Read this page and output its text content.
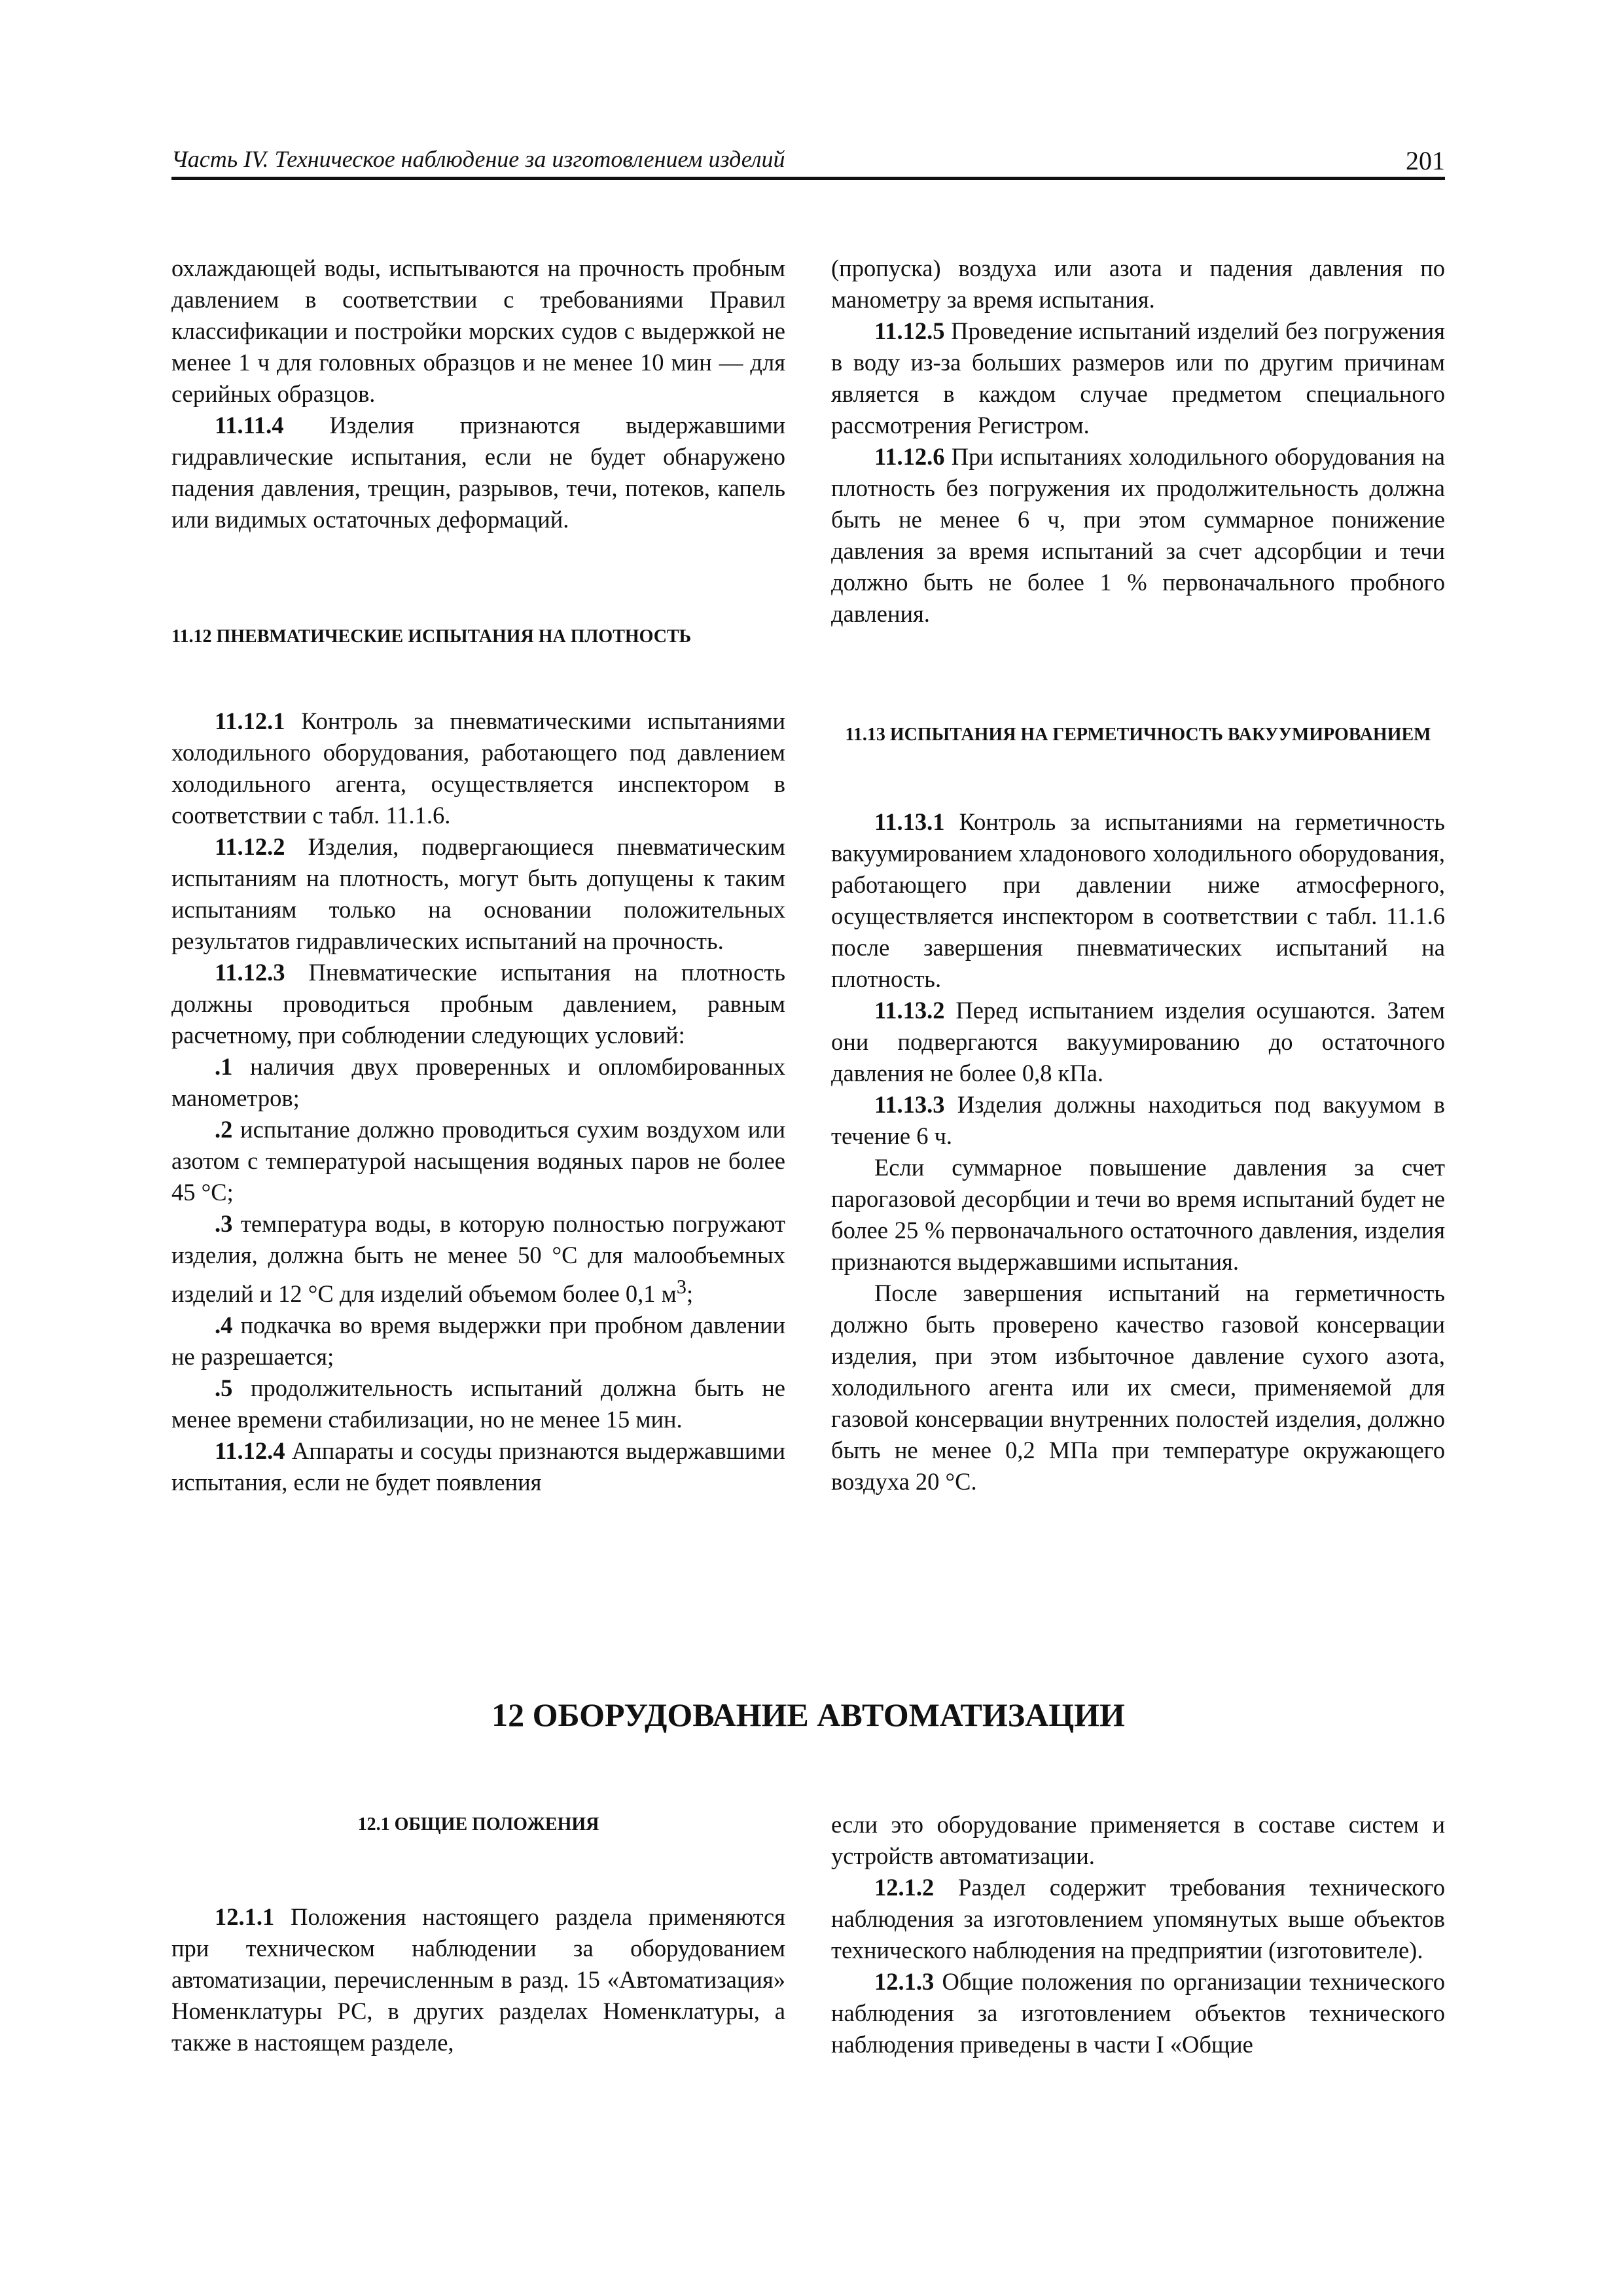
Часть IV. Техническое наблюдение за изготовлением изделий	201

охлаждающей воды, испытываются на прочность пробным давлением в соответствии с требованиями Правил классификации и постройки морских судов с выдержкой не менее 1 ч для головных образцов и не менее 10 мин — для серийных образцов.

11.11.4 Изделия признаются выдержавшими гидравлические испытания, если не будет обнаружено падения давления, трещин, разрывов, течи, потеков, капель или видимых остаточных деформаций.

11.12 ПНЕВМАТИЧЕСКИЕ ИСПЫТАНИЯ НА ПЛОТНОСТЬ

11.12.1 Контроль за пневматическими испытаниями холодильного оборудования, работающего под давлением холодильного агента, осуществляется инспектором в соответствии с табл. 11.1.6.

11.12.2 Изделия, подвергающиеся пневматическим испытаниям на плотность, могут быть допущены к таким испытаниям только на основании положительных результатов гидравлических испытаний на прочность.

11.12.3 Пневматические испытания на плотность должны проводиться пробным давлением, равным расчетному, при соблюдении следующих условий:

.1 наличия двух проверенных и опломбированных манометров;

.2 испытание должно проводиться сухим воздухом или азотом с температурой насыщения водяных паров не более 45 °С;

.3 температура воды, в которую полностью погружают изделия, должна быть не менее 50 °С для малообъемных изделий и 12 °С для изделий объемом более 0,1 $м^3$;

.4 подкачка во время выдержки при пробном давлении не разрешается;

.5 продолжительность испытаний должна быть не менее времени стабилизации, но не менее 15 мин.

11.12.4 Аппараты и сосуды признаются выдержавшими испытания, если не будет появления

(пропуска) воздуха или азота и падения давления по манометру за время испытания.

11.12.5 Проведение испытаний изделий без погружения в воду из-за больших размеров или по другим причинам является в каждом случае предметом специального рассмотрения Регистром.

11.12.6 При испытаниях холодильного оборудования на плотность без погружения их продолжительность должна быть не менее 6 ч, при этом суммарное понижение давления за время испытаний за счет адсорбции и течи должно быть не более 1 % первоначального пробного давления.

11.13 ИСПЫТАНИЯ НА ГЕРМЕТИЧНОСТЬ ВАКУУМИРОВАНИЕМ

11.13.1 Контроль за испытаниями на герметичность вакуумированием хладонового холодильного оборудования, работающего при давлении ниже атмосферного, осуществляется инспектором в соответствии с табл. 11.1.6 после завершения пневматических испытаний на плотность.

11.13.2 Перед испытанием изделия осушаются. Затем они подвергаются вакуумированию до остаточного давления не более 0,8 кПа.

11.13.3 Изделия должны находиться под вакуумом в течение 6 ч.

Если суммарное повышение давления за счет парогазовой десорбции и течи во время испытаний будет не более 25 % первоначального остаточного давления, изделия признаются выдержавшими испытания.

После завершения испытаний на герметичность должно быть проверено качество газовой консервации изделия, при этом избыточное давление сухого азота, холодильного агента или их смеси, применяемой для газовой консервации внутренних полостей изделия, должно быть не менее 0,2 МПа при температуре окружающего воздуха 20 °С.

12 ОБОРУДОВАНИЕ АВТОМАТИЗАЦИИ
12.1 ОБЩИЕ ПОЛОЖЕНИЯ

12.1.1 Положения настоящего раздела применяются при техническом наблюдении за оборудованием автоматизации, перечисленным в разд. 15 «Автоматизация» Номенклатуры РС, в других разделах Номенклатуры, а также в настоящем разделе,

если это оборудование применяется в составе систем и устройств автоматизации.

12.1.2 Раздел содержит требования технического наблюдения за изготовлением упомянутых выше объектов технического наблюдения на предприятии (изготовителе).

12.1.3 Общие положения по организации технического наблюдения за изготовлением объектов технического наблюдения приведены в части I «Общие
